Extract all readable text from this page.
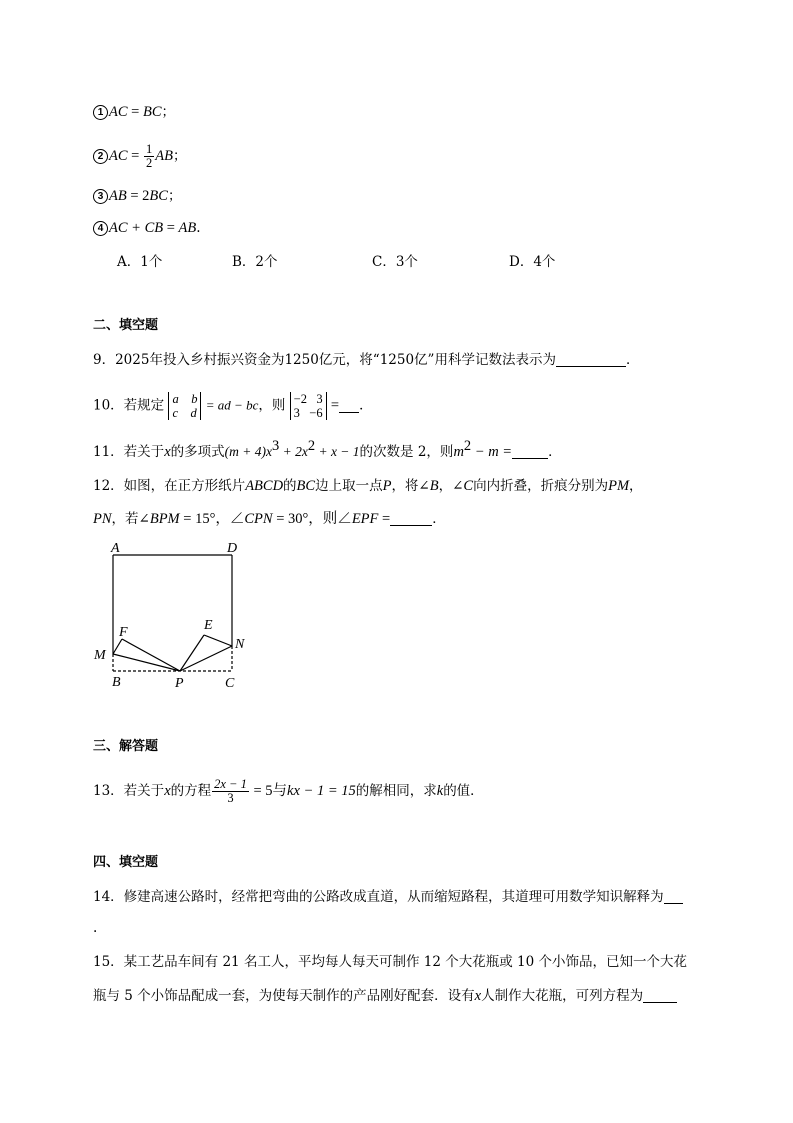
1 AC = BC；
2 AC = $\frac{1}{2}$ AB；
3 AB = 2BC；
4 AC + CB = AB.
A．1个	B．2个	C．3个	D．4个
二、填空题
9．2025年投入乡村振兴资金为1250亿元，将“1250亿”用科学记数法表示为	．
10．若规定 a    b
c    d
= ad − bc，则 −2   3
3   −6 = ．
11．若关于x的多项式$(m + 4)x^3 + 2x^2 + x - 1$的次数是 2，则$m^2 - m$ =	．
12．如图，在正方形纸片ABCD的BC边上取一点P，将∠B，∠C向内折叠，折痕分别为PM，
PN，若∠BPM = 15°，∠CPN = 30°，则∠EPF =	．
A	D
E
F
M
N
B	P	C
三、解答题
13．若关于x的方程 $\frac{2x - 1}{3} = 5$与kx − 1 = 15的解相同，求k的值．
四、填空题
14．修建高速公路时，经常把弯曲的公路改成直道，从而缩短路程，其道理可用数学知识解释为
.
15．某工艺品车间有 21 名工人，平均每人每天可制作 12 个大花瓶或 10 个小饰品，已知一个大花
瓶与 5 个小饰品配成一套，为使每天制作的产品刚好配套．设有x人制作大花瓶，可列方程为
